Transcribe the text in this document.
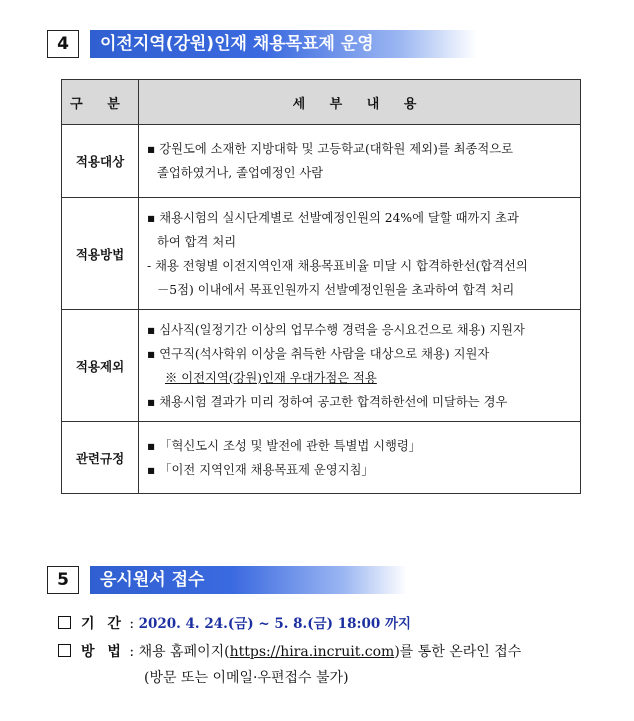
4	이전지역(강원)인재 채용목표제 운영
구 분	세 부 내 용
적용대상	▪ 강원도에 소재한 지방대학 및 고등학교(대학원 제외)를 최종적으로
졸업하였거나, 졸업예정인 사람

적용방법	▪ 채용시험의 실시단계별로 선발예정인원의 24%에 달할 때까지 초과
하여 합격 처리
- 채용 전형별 이전지역인재 채용목표비율 미달 시 합격하한선(합격선의
－5점) 이내에서 목표인원까지 선발예정인원을 초과하여 합격 처리

적용제외	▪ 심사직(일정기간 이상의 업무수행 경력을 응시요건으로 채용) 지원자
▪ 연구직(석사학위 이상을 취득한 사람을 대상으로 채용) 지원자
※ 이전지역(강원)인재 우대가점은 적용
▪ 채용시험 결과가 미리 정하여 공고한 합격하한선에 미달하는 경우

관련규정	▪ 「혁신도시 조성 및 발전에 관한 특별법 시행령」
▪ 「이전 지역인재 채용목표제 운영지침」
5	응시원서 접수
기 간 : 2020. 4. 24.(금) ~ 5. 8.(금) 18:00 까지
방 법 : 채용 홈페이지(https://hira.incruit.com)를 통한 온라인 접수
(방문 또는 이메일·우편접수 불가)
